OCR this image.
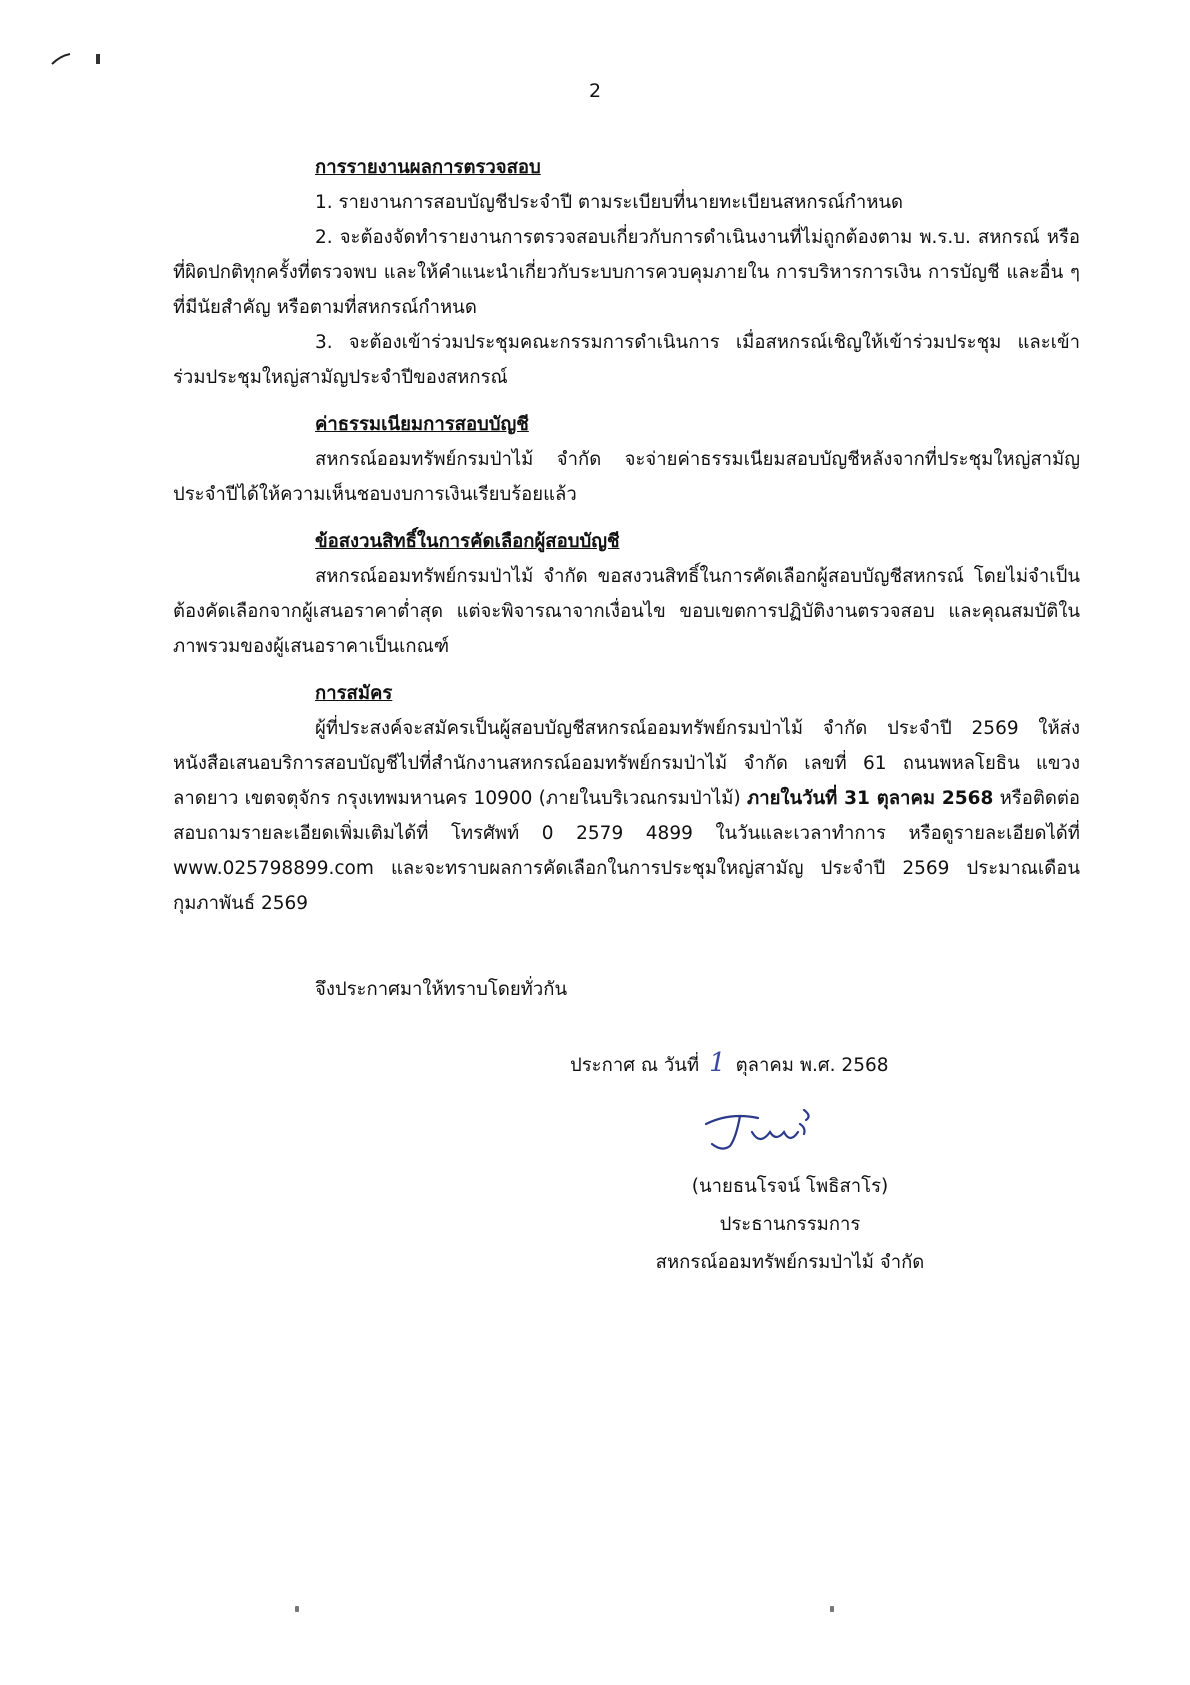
2

การรายงานผลการตรวจสอบ

1. รายงานการสอบบัญชีประจำปี ตามระเบียบที่นายทะเบียนสหกรณ์กำหนด

2. จะต้องจัดทำรายงานการตรวจสอบเกี่ยวกับการดำเนินงานที่ไม่ถูกต้องตาม พ.ร.บ. สหกรณ์ หรือที่ผิดปกติทุกครั้งที่ตรวจพบ และให้คำแนะนำเกี่ยวกับระบบการควบคุมภายใน การบริหารการเงิน การบัญชี และอื่น ๆ ที่มีนัยสำคัญ หรือตามที่สหกรณ์กำหนด

3. จะต้องเข้าร่วมประชุมคณะกรรมการดำเนินการ เมื่อสหกรณ์เชิญให้เข้าร่วมประชุม และเข้าร่วมประชุมใหญ่สามัญประจำปีของสหกรณ์

ค่าธรรมเนียมการสอบบัญชี

สหกรณ์ออมทรัพย์กรมป่าไม้ จำกัด จะจ่ายค่าธรรมเนียมสอบบัญชีหลังจากที่ประชุมใหญ่สามัญประจำปีได้ให้ความเห็นชอบงบการเงินเรียบร้อยแล้ว

ข้อสงวนสิทธิ์ในการคัดเลือกผู้สอบบัญชี

สหกรณ์ออมทรัพย์กรมป่าไม้ จำกัด ขอสงวนสิทธิ์ในการคัดเลือกผู้สอบบัญชีสหกรณ์ โดยไม่จำเป็นต้องคัดเลือกจากผู้เสนอราคาต่ำสุด แต่จะพิจารณาจากเงื่อนไข ขอบเขตการปฏิบัติงานตรวจสอบ และคุณสมบัติในภาพรวมของผู้เสนอราคาเป็นเกณฑ์

การสมัคร

ผู้ที่ประสงค์จะสมัครเป็นผู้สอบบัญชีสหกรณ์ออมทรัพย์กรมป่าไม้ จำกัด ประจำปี 2569 ให้ส่งหนังสือเสนอบริการสอบบัญชีไปที่สำนักงานสหกรณ์ออมทรัพย์กรมป่าไม้ จำกัด เลขที่ 61 ถนนพหลโยธิน แขวงลาดยาว เขตจตุจักร กรุงเทพมหานคร 10900 (ภายในบริเวณกรมป่าไม้) ภายในวันที่ 31 ตุลาคม 2568 หรือติดต่อสอบถามรายละเอียดเพิ่มเติมได้ที่ โทรศัพท์ 0 2579 4899 ในวันและเวลาทำการ หรือดูรายละเอียดได้ที่ www.025798899.com และจะทราบผลการคัดเลือกในการประชุมใหญ่สามัญ ประจำปี 2569 ประมาณเดือนกุมภาพันธ์ 2569

จึงประกาศมาให้ทราบโดยทั่วกัน
ประกาศ ณ วันที่ 1 ตุลาคม พ.ศ. 2568
(นายธนโรจน์ โพธิสาโร)
ประธานกรรมการ
สหกรณ์ออมทรัพย์กรมป่าไม้ จำกัด
